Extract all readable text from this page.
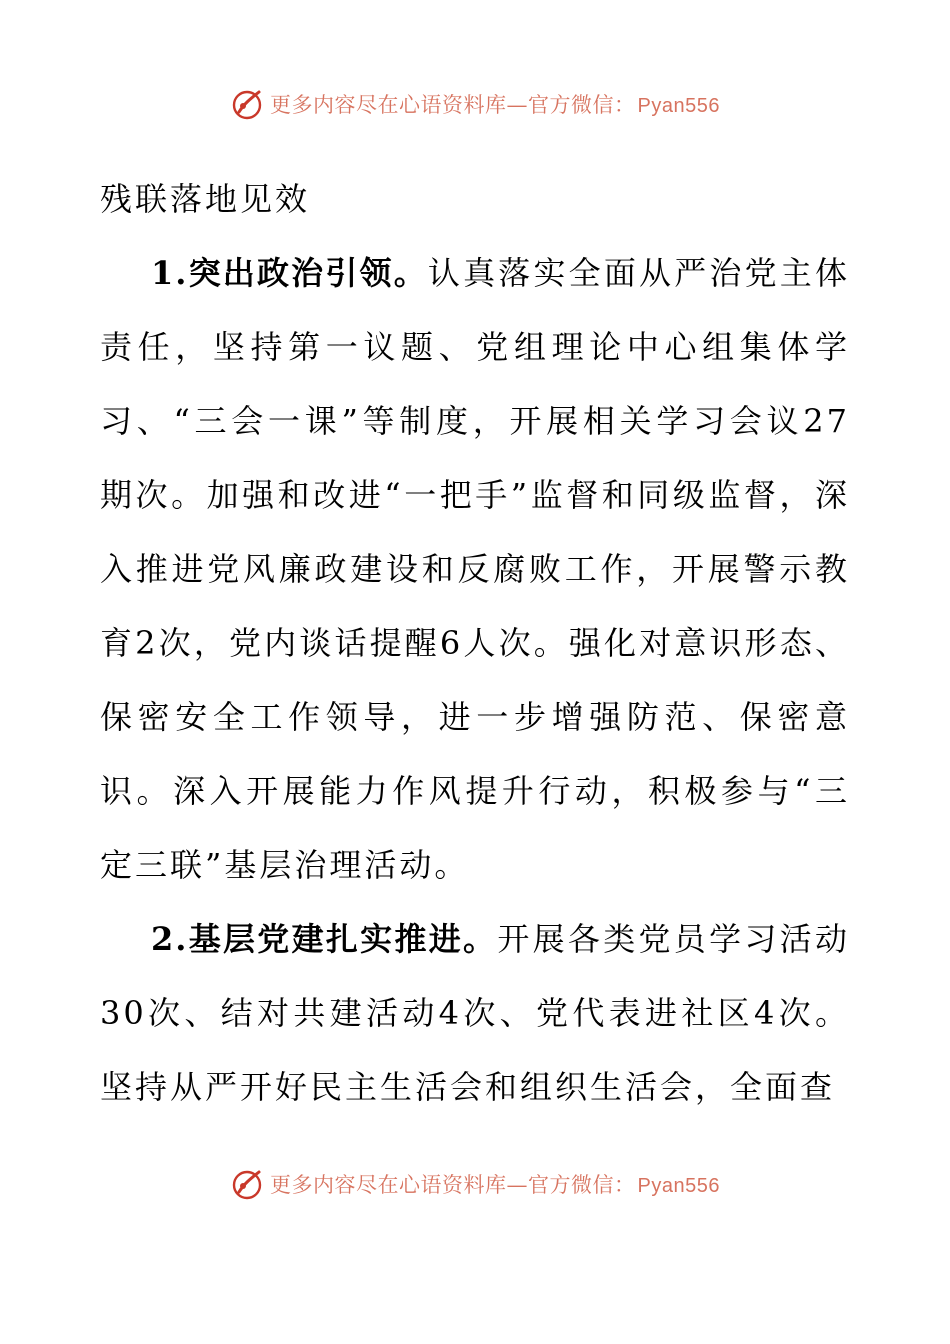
更多内容尽在心语资料库—官方微信： Pyan556

残联落地见效

1.突出政治引领。认真落实全面从严治党主体责任，坚持第一议题、党组理论中心组集体学习、“三会一课”等制度，开展相关学习会议27期次。加强和改进“一把手”监督和同级监督，深入推进党风廉政建设和反腐败工作，开展警示教育2次，党内谈话提醒6人次。强化对意识形态、保密安全工作领导，进一步增强防范、保密意识。深入开展能力作风提升行动，积极参与“三定三联”基层治理活动。

2.基层党建扎实推进。开展各类党员学习活动30次、结对共建活动4次、党代表进社区4次。坚持从严开好民主生活会和组织生活会，全面查

更多内容尽在心语资料库—官方微信： Pyan556
